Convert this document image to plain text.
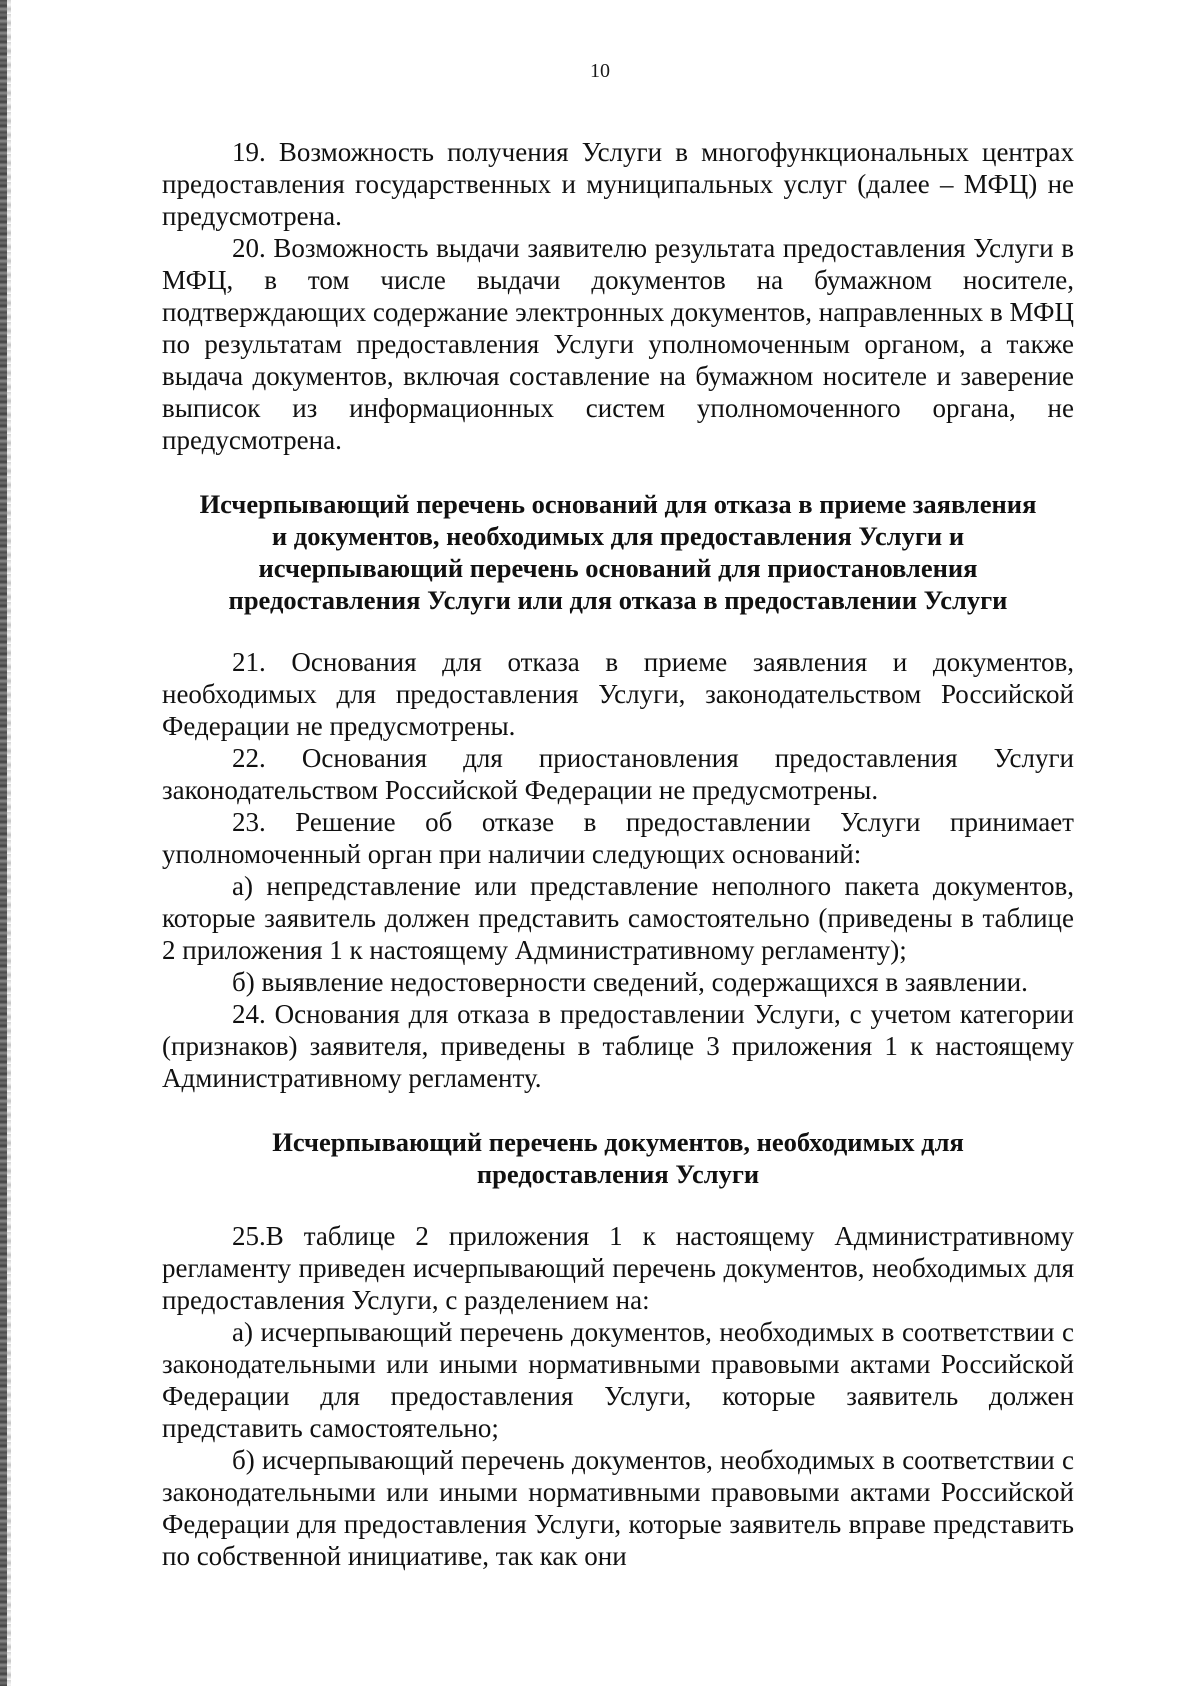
10

19. Возможность получения Услуги в многофункциональных центрах предоставления государственных и муниципальных услуг (далее – МФЦ) не предусмотрена.

20. Возможность выдачи заявителю результата предоставления Услуги в МФЦ, в том числе выдачи документов на бумажном носителе, подтверждающих содержание электронных документов, направленных в МФЦ по результатам предоставления Услуги уполномоченным органом, а также выдача документов, включая составление на бумажном носителе и заверение выписок из информационных систем уполномоченного органа, не предусмотрена.

Исчерпывающий перечень оснований для отказа в приеме заявления
и документов, необходимых для предоставления Услуги и
исчерпывающий перечень оснований для приостановления
предоставления Услуги или для отказа в предоставлении Услуги

21. Основания для отказа в приеме заявления и документов, необходимых для предоставления Услуги, законодательством Российской Федерации не предусмотрены.

22. Основания для приостановления предоставления Услуги законодательством Российской Федерации не предусмотрены.

23. Решение об отказе в предоставлении Услуги принимает уполномоченный орган при наличии следующих оснований:

а) непредставление или представление неполного пакета документов, которые заявитель должен представить самостоятельно (приведены в таблице 2 приложения 1 к настоящему Административному регламенту);

б) выявление недостоверности сведений, содержащихся в заявлении.

24. Основания для отказа в предоставлении Услуги, с учетом категории (признаков) заявителя, приведены в таблице 3 приложения 1 к настоящему Административному регламенту.

Исчерпывающий перечень документов, необходимых для
предоставления Услуги

25.В таблице 2 приложения 1 к настоящему Административному регламенту приведен исчерпывающий перечень документов, необходимых для предоставления Услуги, с разделением на:

а) исчерпывающий перечень документов, необходимых в соответствии с законодательными или иными нормативными правовыми актами Российской Федерации для предоставления Услуги, которые заявитель должен представить самостоятельно;

б) исчерпывающий перечень документов, необходимых в соответствии с законодательными или иными нормативными правовыми актами Российской Федерации для предоставления Услуги, которые заявитель вправе представить по собственной инициативе, так как они
